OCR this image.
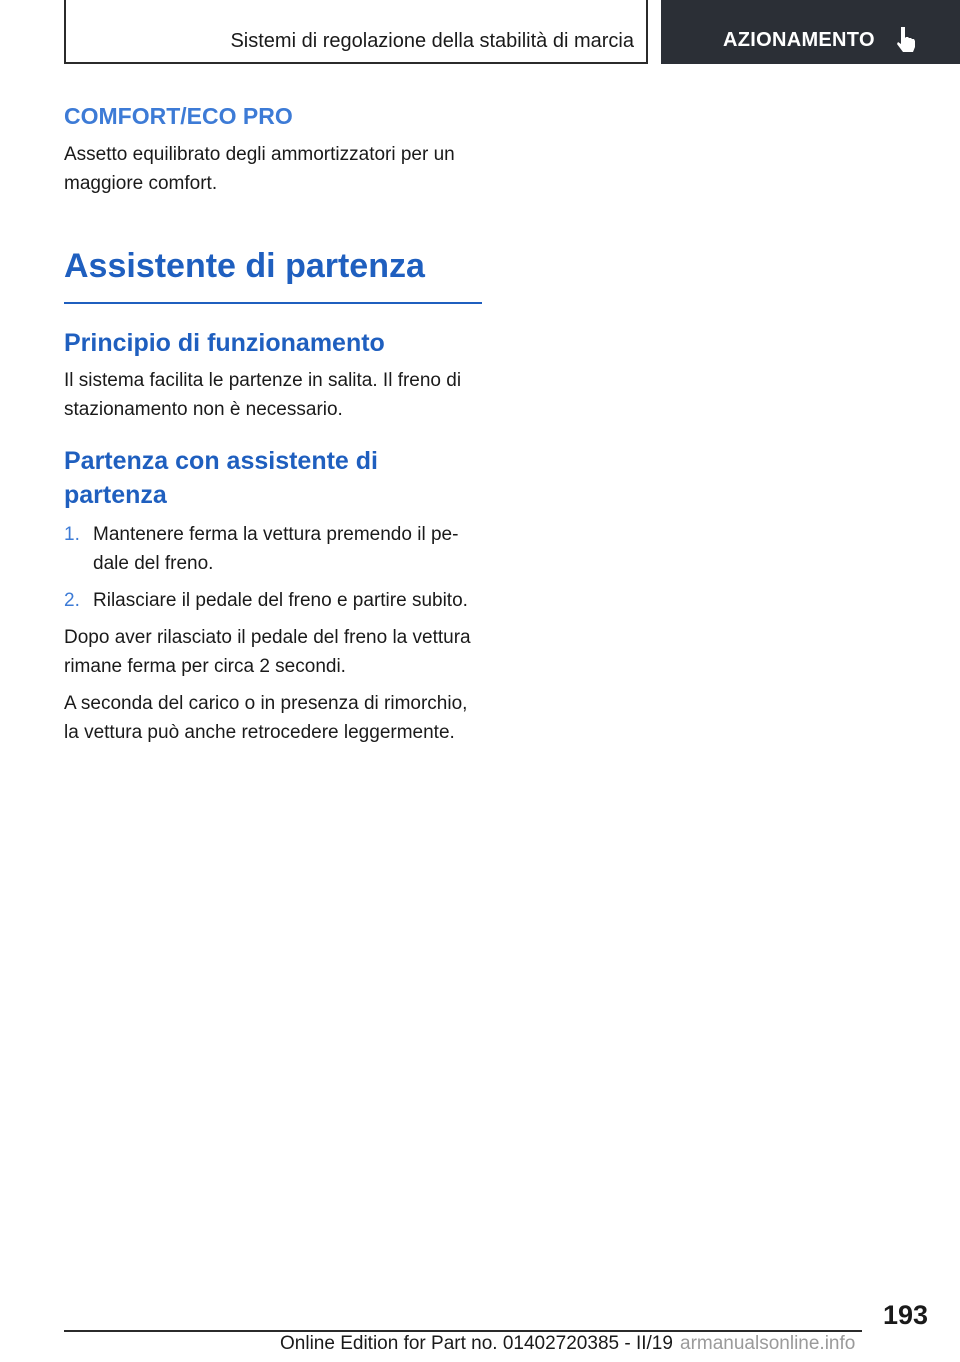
Sistemi di regolazione della stabilità di marcia	AZIONAMENTO
COMFORT/ECO PRO

Assetto equilibrato degli ammortizzatori per un maggiore comfort.

Assistente di partenza
Principio di funzionamento

Il sistema facilita le partenze in salita. Il freno di stazionamento non è necessario.

Partenza con assistente di partenza
1. Mantenere ferma la vettura premendo il pe-dale del freno.
2. Rilasciare il pedale del freno e partire subito.

Dopo aver rilasciato il pedale del freno la vettura rimane ferma per circa 2 secondi.

A seconda del carico o in presenza di rimorchio, la vettura può anche retrocedere leggermente.

193
Online Edition for Part no. 01402720385 - II/19 armanualsonline.info
